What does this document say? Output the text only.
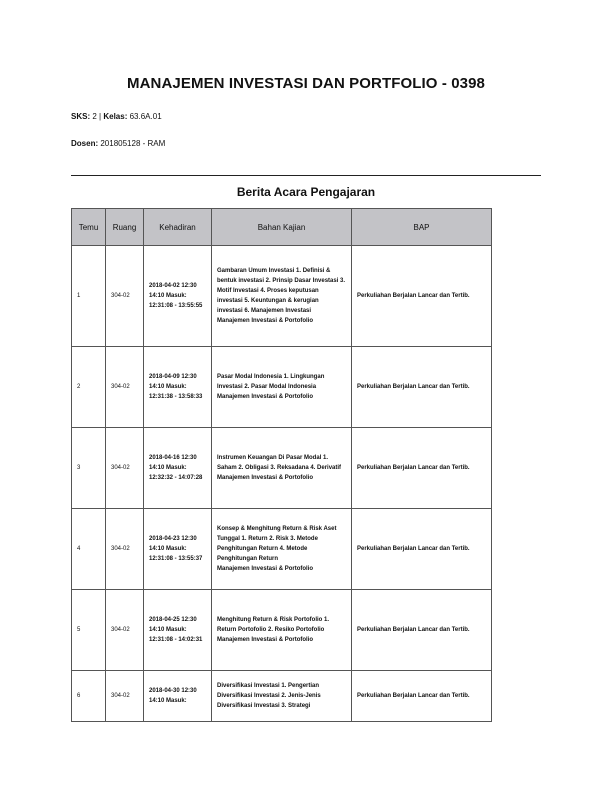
MANAJEMEN INVESTASI DAN PORTFOLIO - 0398
SKS: 2 | Kelas: 63.6A.01
Dosen: 201805128 - RAM
Berita Acara Pengajaran
Temu	Ruang	Kehadiran	Bahan Kajian	BAP
1	304-02	2018-04-02 12:30 14:10 Masuk: 12:31:08 - 13:55:55	Gambaran Umum Investasi 1. Definisi & bentuk investasi 2. Prinsip Dasar Investasi 3. Motif Investasi 4. Proses keputusan investasi 5. Keuntungan & kerugian investasi 6. Manajemen Investasi
Manajemen Investasi & Portofolio	Perkuliahan Berjalan Lancar dan Tertib.
2	304-02	2018-04-09 12:30 14:10 Masuk: 12:31:38 - 13:58:33	Pasar Modal Indonesia 1. Lingkungan Investasi 2. Pasar Modal Indonesia
Manajemen Investasi & Portofolio	Perkuliahan Berjalan Lancar dan Tertib.
3	304-02	2018-04-16 12:30 14:10 Masuk: 12:32:32 - 14:07:28	Instrumen Keuangan Di Pasar Modal 1. Saham 2. Obligasi 3. Reksadana 4. Derivatif
Manajemen Investasi & Portofolio	Perkuliahan Berjalan Lancar dan Tertib.
4	304-02	2018-04-23 12:30 14:10 Masuk: 12:31:08 - 13:55:37	Konsep & Menghitung Return & Risk Aset Tunggal 1. Return 2. Risk 3. Metode Penghitungan Return 4. Metode Penghitungan Return
Manajemen Investasi & Portofolio	Perkuliahan Berjalan Lancar dan Tertib.
5	304-02	2018-04-25 12:30 14:10 Masuk: 12:31:08 - 14:02:31	Menghitung Return & Risk Portofolio 1. Return Portofolio 2. Resiko Portofolio
Manajemen Investasi & Portofolio	Perkuliahan Berjalan Lancar dan Tertib.
6	304-02	2018-04-30 12:30 14:10 Masuk:	Diversifikasi Investasi 1. Pengertian Diversifikasi Investasi 2. Jenis-Jenis Diversifikasi Investasi 3. Strategi	Perkuliahan Berjalan Lancar dan Tertib.
